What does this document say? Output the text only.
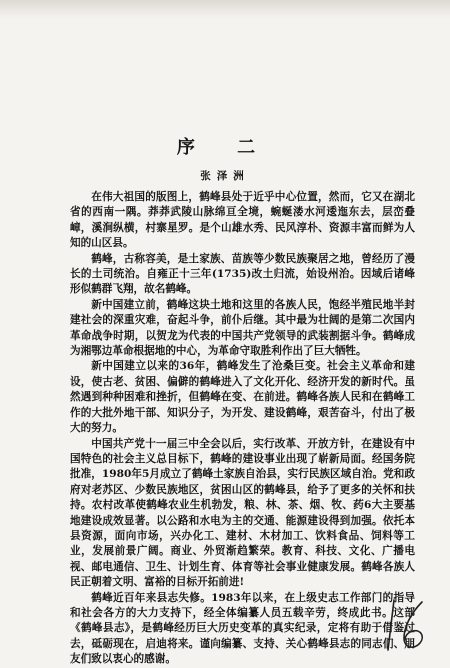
序 二
张泽洲

在伟大祖国的版图上，鹤峰县处于近乎中心位置，然而，它又在湖北省的西南一隅。莽莽武陵山脉绵亘全境，蜿蜒溇水河逶迤东去，层峦叠嶂，溪涧纵横，村寨星罗。是个山雄水秀、民风淳朴、资源丰富而鲜为人知的山区县。

鹤峰，古称容美，是土家族、苗族等少数民族聚居之地，曾经历了漫长的土司统治。自雍正十三年(1735)改土归流，始设州治。因域后诸峰形似鹤群飞翔，故名鹤峰。

新中国建立前，鹤峰这块土地和这里的各族人民，饱经半殖民地半封建社会的深重灾难，奋起斗争，前仆后继。其中最为壮阔的是第二次国内革命战争时期，以贺龙为代表的中国共产党领导的武装割据斗争。鹤峰成为湘鄂边革命根据地的中心，为革命守取胜利作出了巨大牺牲。

新中国建立以来的36年，鹤峰发生了沧桑巨变。社会主义革命和建设，使古老、贫困、偏僻的鹤峰进入了文化开化、经济开发的新时代。虽然遇到种种困难和挫折，但鹤峰在变、在前进。鹤峰各族人民和在鹤峰工作的大批外地干部、知识分子，为开发、建设鹤峰，艰苦奋斗，付出了极大的努力。

中国共产党十一届三中全会以后，实行改革、开放方针，在建设有中国特色的社会主义总目标下，鹤峰的建设事业出现了崭新局面。经国务院批准，1980年5月成立了鹤峰土家族自治县，实行民族区域自治。党和政府对老苏区、少数民族地区，贫困山区的鹤峰县，给予了更多的关怀和扶持。农村改革使鹤峰农业生机勃发，粮、林、茶、烟、牧、药6大主要基地建设成效显著。以公路和水电为主的交通、能源建设得到加强。依托本县资源，面向市场，兴办化工、建材、木材加工、饮料食品、饲料等工业，发展前景广阔。商业、外贸渐趋繁荣。教育、科技、文化、广播电视、邮电通信、卫生、计划生育、体育等社会事业健康发展。鹤峰各族人民正朝着文明、富裕的目标开拓前进!

鹤峰近百年来县志失修。1983年以来，在上级史志工作部门的指导和社会各方的大力支持下，经全体编纂人员五载辛劳，终成此书。这部《鹤峰县志》，是鹤峰经历巨大历史变革的真实纪录，定将有助于借鉴过去，砥砺现在，启迪将来。谨向编纂、支持、关心鹤峰县志的同志们、朋友们致以衷心的感谢。
